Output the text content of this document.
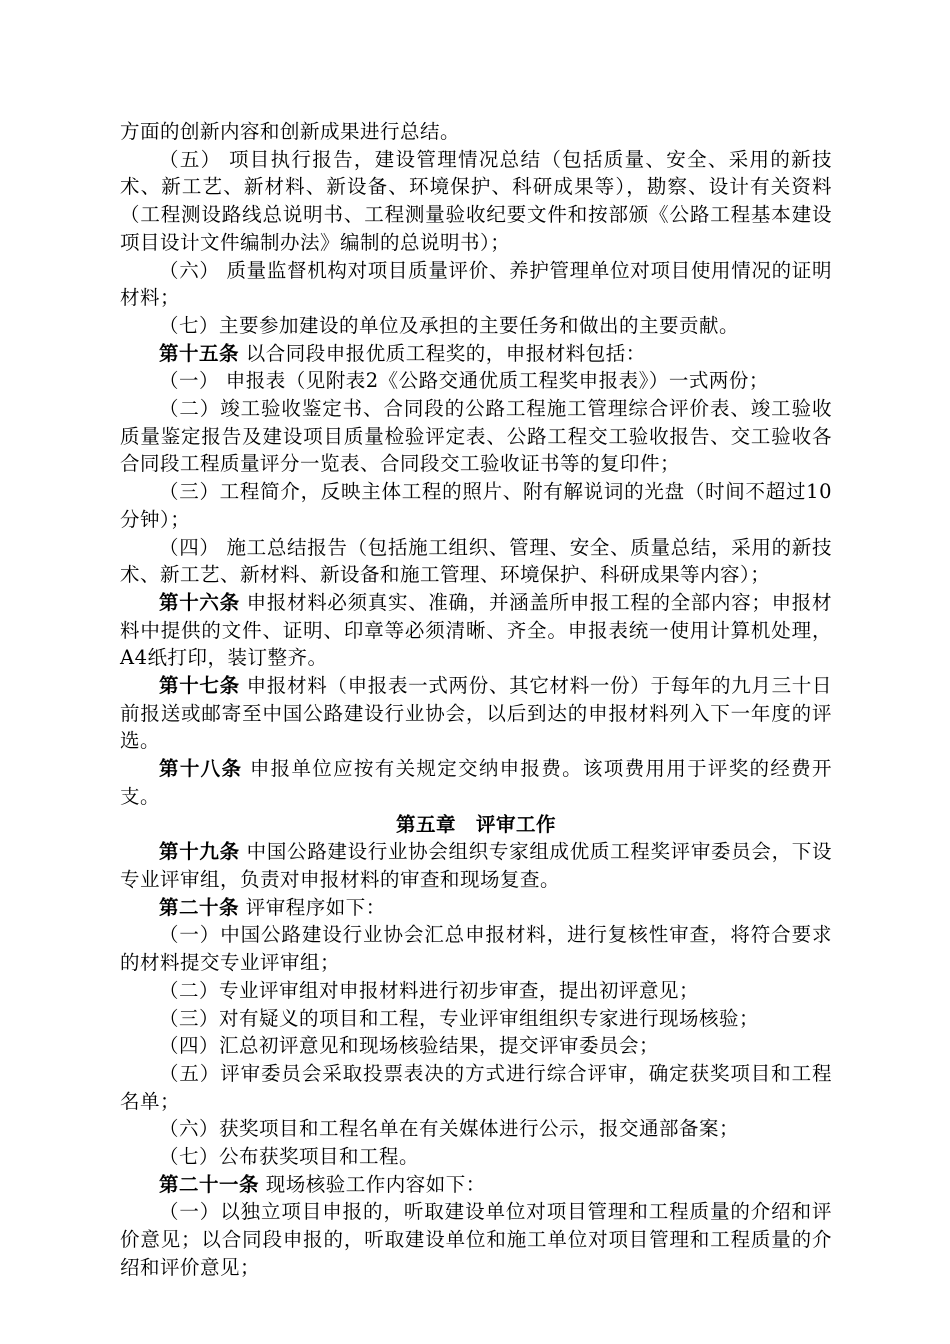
方面的创新内容和创新成果进行总结。

（五） 项目执行报告，建设管理情况总结（包括质量、安全、采用的新技术、新工艺、新材料、新设备、环境保护、科研成果等），勘察、设计有关资料（工程测设路线总说明书、工程测量验收纪要文件和按部颁《公路工程基本建设项目设计文件编制办法》编制的总说明书）；

（六） 质量监督机构对项目质量评价、养护管理单位对项目使用情况的证明材料；

（七）主要参加建设的单位及承担的主要任务和做出的主要贡献。

第十五条 以合同段申报优质工程奖的，申报材料包括：

（一） 申报表（见附表2《公路交通优质工程奖申报表》）一式两份；

（二）竣工验收鉴定书、合同段的公路工程施工管理综合评价表、竣工验收质量鉴定报告及建设项目质量检验评定表、公路工程交工验收报告、交工验收各合同段工程质量评分一览表、合同段交工验收证书等的复印件；

（三）工程简介，反映主体工程的照片、附有解说词的光盘（时间不超过10分钟）；

（四） 施工总结报告（包括施工组织、管理、安全、质量总结，采用的新技术、新工艺、新材料、新设备和施工管理、环境保护、科研成果等内容）；

第十六条 申报材料必须真实、准确，并涵盖所申报工程的全部内容；申报材料中提供的文件、证明、印章等必须清晰、齐全。申报表统一使用计算机处理，A4纸打印，装订整齐。

第十七条 申报材料（申报表一式两份、其它材料一份）于每年的九月三十日前报送或邮寄至中国公路建设行业协会，以后到达的申报材料列入下一年度的评选。

第十八条 申报单位应按有关规定交纳申报费。该项费用用于评奖的经费开支。

第五章　评审工作

第十九条 中国公路建设行业协会组织专家组成优质工程奖评审委员会，下设专业评审组，负责对申报材料的审查和现场复查。

第二十条 评审程序如下：

（一）中国公路建设行业协会汇总申报材料，进行复核性审查，将符合要求的材料提交专业评审组；

（二）专业评审组对申报材料进行初步审查，提出初评意见；

（三）对有疑义的项目和工程，专业评审组组织专家进行现场核验；

（四）汇总初评意见和现场核验结果，提交评审委员会；

（五）评审委员会采取投票表决的方式进行综合评审，确定获奖项目和工程名单；

（六）获奖项目和工程名单在有关媒体进行公示，报交通部备案；

（七）公布获奖项目和工程。

第二十一条 现场核验工作内容如下：

（一）以独立项目申报的，听取建设单位对项目管理和工程质量的介绍和评价意见；以合同段申报的，听取建设单位和施工单位对项目管理和工程质量的介绍和评价意见；
